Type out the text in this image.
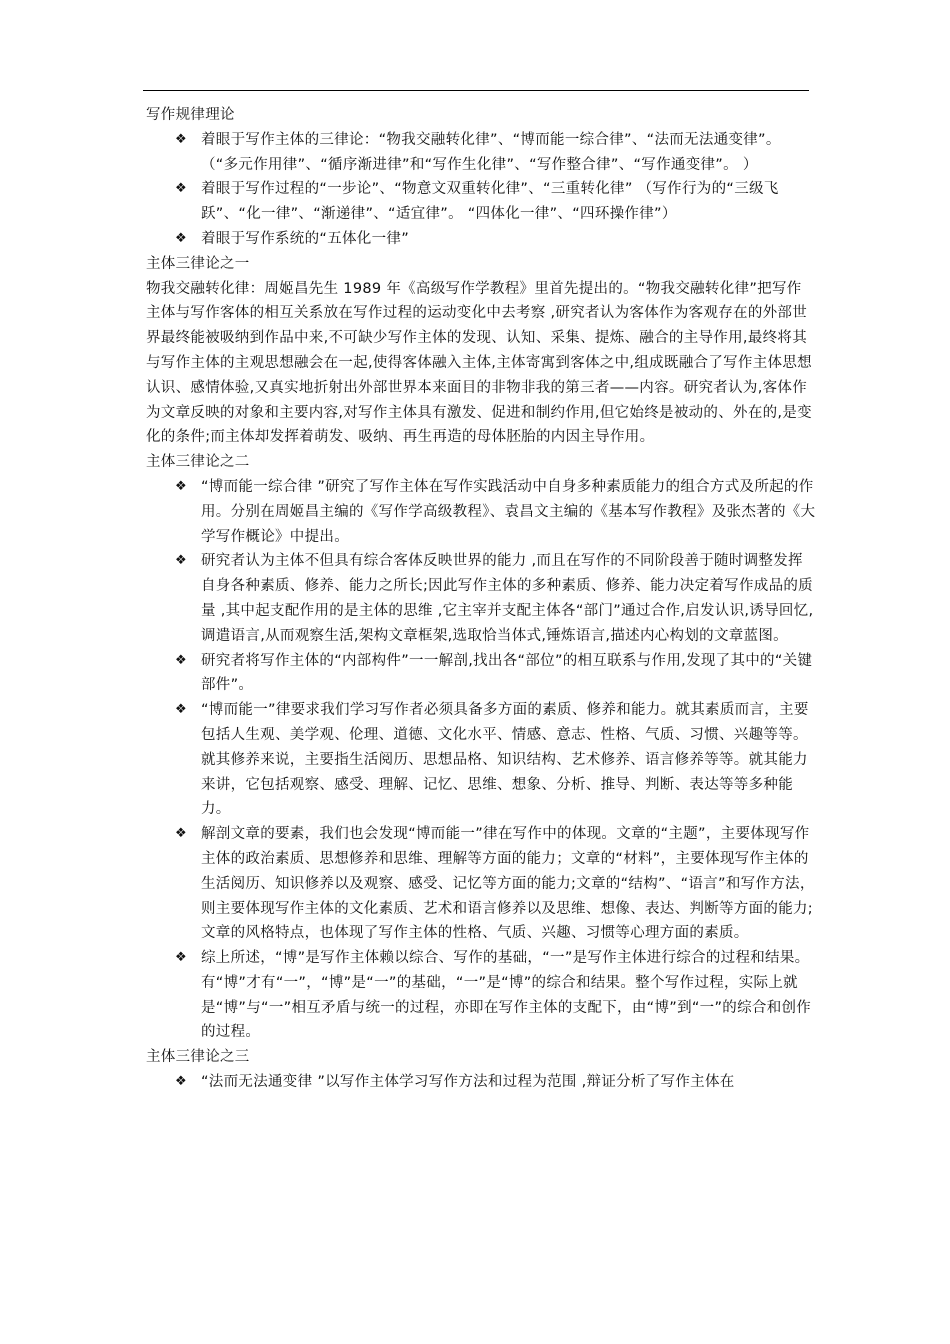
写作规律理论

❖ 着眼于写作主体的三律论：“物我交融转化律”、“博而能一综合律”、“法而无法通变律”。 （“多元作用律”、“循序渐进律”和“写作生化律”、“写作整合律”、“写作通变律”。 ）
❖ 着眼于写作过程的“一步论”、“物意文双重转化律”、“三重转化律” （写作行为的“三级飞跃”、“化一律”、“渐递律”、“适宜律”。 “四体化一律”、“四环操作律”）
❖ 着眼于写作系统的“五体化一律”

主体三律论之一

物我交融转化律：周姬昌先生 1989 年《高级写作学教程》里首先提出的。“物我交融转化律”把写作主体与写作客体的相互关系放在写作过程的运动变化中去考察 ,研究者认为客体作为客观存在的外部世界最终能被吸纳到作品中来,不可缺少写作主体的发现、认知、采集、提炼、融合的主导作用,最终将其与写作主体的主观思想融会在一起,使得客体融入主体,主体寄寓到客体之中,组成既融合了写作主体思想认识、感情体验,又真实地折射出外部世界本来面目的非物非我的第三者——内容。研究者认为,客体作为文章反映的对象和主要内容,对写作主体具有激发、促进和制约作用,但它始终是被动的、外在的,是变化的条件;而主体却发挥着萌发、吸纳、再生再造的母体胚胎的内因主导作用。

主体三律论之二

❖ “博而能一综合律 ”研究了写作主体在写作实践活动中自身多种素质能力的组合方式及所起的作用。分别在周姬昌主编的《写作学高级教程》、袁昌文主编的《基本写作教程》及张杰著的《大学写作概论》中提出。
❖ 研究者认为主体不但具有综合客体反映世界的能力 ,而且在写作的不同阶段善于随时调整发挥自身各种素质、修养、能力之所长;因此写作主体的多种素质、修养、能力决定着写作成品的质量 ,其中起支配作用的是主体的思维 ,它主宰并支配主体各“部门”通过合作,启发认识,诱导回忆,调遣语言,从而观察生活,架构文章框架,选取恰当体式,锤炼语言,描述内心构划的文章蓝图。
❖ 研究者将写作主体的“内部构件”一一解剖,找出各“部位”的相互联系与作用,发现了其中的“关键部件”。
❖ “博而能一”律要求我们学习写作者必须具备多方面的素质、修养和能力。就其素质而言，主要包括人生观、美学观、伦理、道德、文化水平、情感、意志、性格、气质、习惯、兴趣等等。就其修养来说，主要指生活阅历、思想品格、知识结构、艺术修养、语言修养等等。就其能力来讲，它包括观察、感受、理解、记忆、思维、想象、分析、推导、判断、表达等等多种能力。
❖ 解剖文章的要素，我们也会发现“博而能一”律在写作中的体现。文章的“主题”，主要体现写作主体的政治素质、思想修养和思维、理解等方面的能力；文章的“材料”，主要体现写作主体的生活阅历、知识修养以及观察、感受、记忆等方面的能力;文章的“结构”、“语言”和写作方法，则主要体现写作主体的文化素质、艺术和语言修养以及思维、想像、表达、判断等方面的能力;文章的风格特点，也体现了写作主体的性格、气质、兴趣、习惯等心理方面的素质。
❖ 综上所述，“博”是写作主体赖以综合、写作的基础，“一”是写作主体进行综合的过程和结果。有“博”才有“一”，“博”是“一”的基础，“一”是“博”的综合和结果。整个写作过程，实际上就是“博”与“一”相互矛盾与统一的过程，亦即在写作主体的支配下，由“博”到“一”的综合和创作的过程。

主体三律论之三

❖ “法而无法通变律 ”以写作主体学习写作方法和过程为范围 ,辩证分析了写作主体在
